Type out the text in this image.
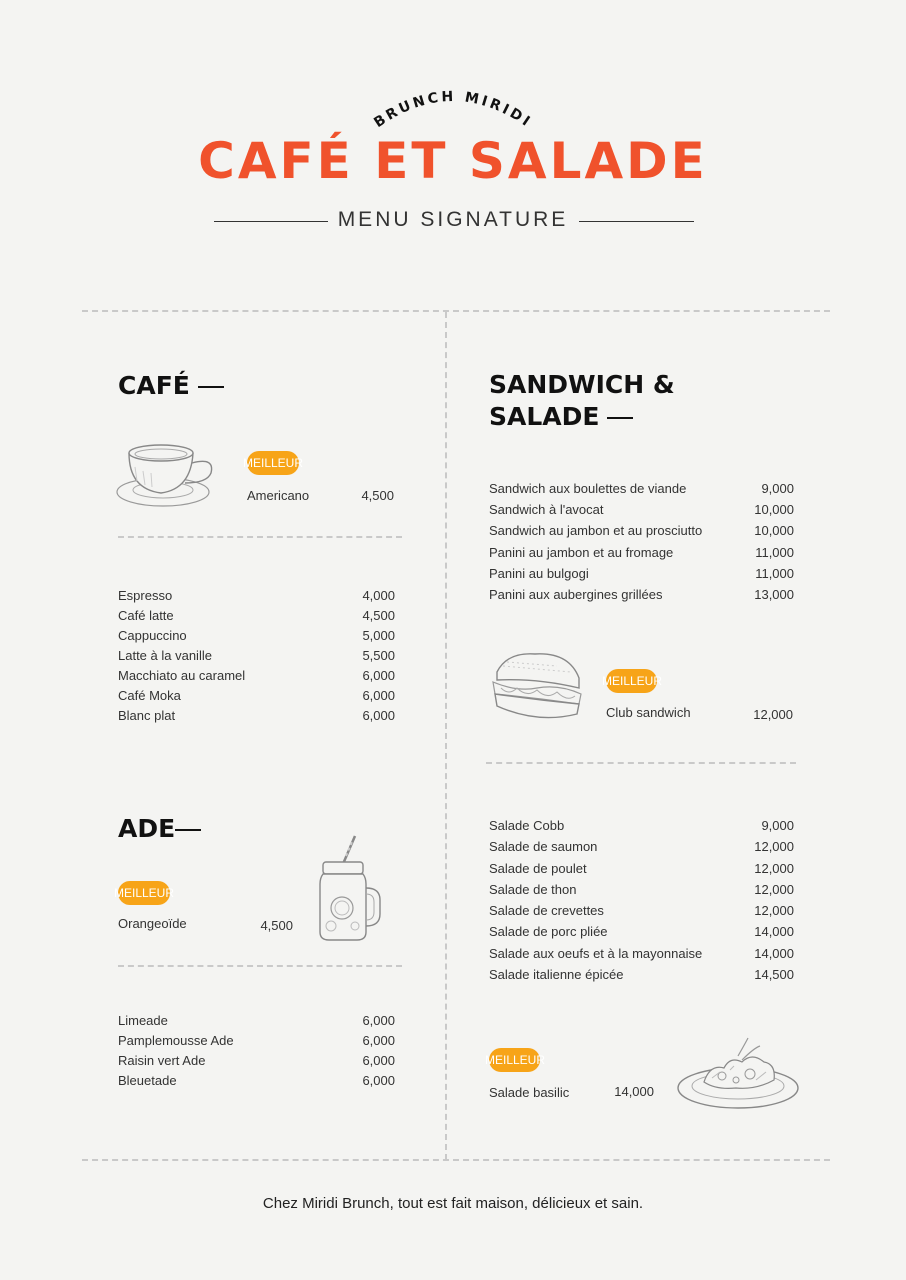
BRUNCH MIRIDI
CAFÉ ET SALADE
MENU SIGNATURE
CAFÉ
MEILLEUR
Americano	4,500
Espresso	4,000
Café latte	4,500
Cappuccino	5,000
Latte à la vanille	5,500
Macchiato au caramel	6,000
Café Moka	6,000
Blanc plat	6,000
ADE
MEILLEUR
Orangeoïde	4,500
Limeade	6,000
Pamplemousse Ade	6,000
Raisin vert Ade	6,000
Bleuetade	6,000
SANDWICH &
SALADE
Sandwich aux boulettes de viande	9,000
Sandwich à l'avocat	10,000
Sandwich au jambon et au prosciutto	10,000
Panini au jambon et au fromage	11,000
Panini au bulgogi	11,000
Panini aux aubergines grillées	13,000
MEILLEUR
Club sandwich	12,000
Salade Cobb	9,000
Salade de saumon	12,000
Salade de poulet	12,000
Salade de thon	12,000
Salade de crevettes	12,000
Salade de porc pliée	14,000
Salade aux oeufs et à la mayonnaise	14,000
Salade italienne épicée	14,500
MEILLEUR
Salade basilic	14,000
Chez Miridi Brunch, tout est fait maison, délicieux et sain.
